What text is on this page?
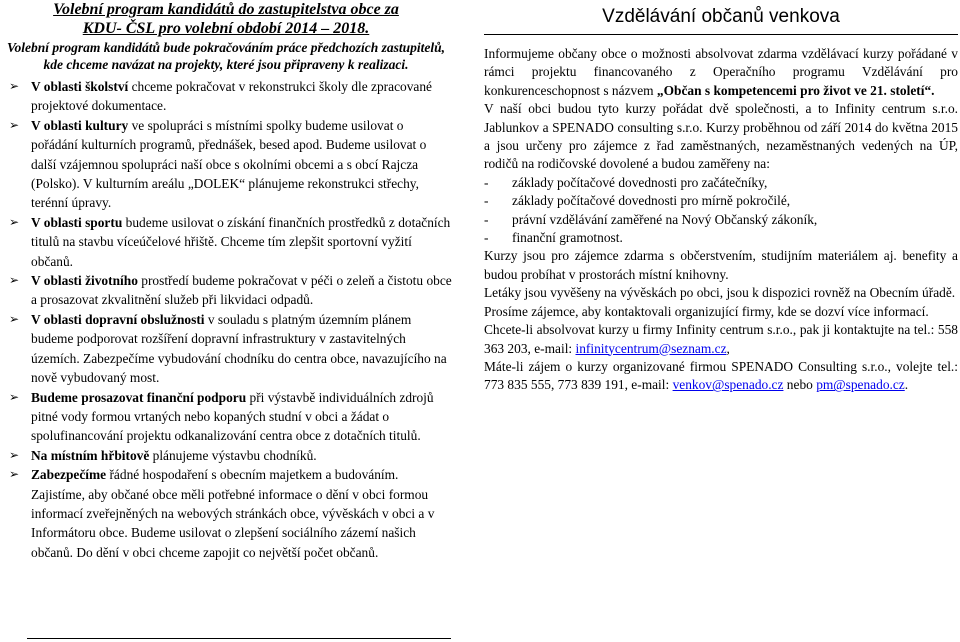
Volební program kandidátů do zastupitelstva obce za
KDU- ČSL pro volební období 2014 – 2018.
Volební program kandidátů bude pokračováním práce předchozích zastupitelů, kde chceme navázat na projekty, které jsou připraveny k realizaci.
➢ V oblasti školství chceme pokračovat v rekonstrukci školy dle zpracované projektové dokumentace.
➢ V oblasti kultury ve spolupráci s místními spolky budeme usilovat o pořádání kulturních programů, přednášek, besed apod. Budeme usilovat o další vzájemnou spolupráci naší obce s okolními obcemi a s obcí Rajcza (Polsko). V kulturním areálu „DOLEK“ plánujeme rekonstrukci střechy, terénní úpravy.
➢ V oblasti sportu budeme usilovat o získání finančních prostředků z dotačních titulů na stavbu víceúčelové hřiště. Chceme tím zlepšit sportovní vyžití občanů.
➢ V oblasti životního prostředí budeme pokračovat v péči o zeleň a čistotu obce a prosazovat zkvalitnění služeb při likvidaci odpadů.
➢ V oblasti dopravní obslužnosti v souladu s platným územním plánem budeme podporovat rozšíření dopravní infrastruktury v zastavitelných územích. Zabezpečíme vybudování chodníku do centra obce, navazujícího na nově vybudovaný most.
➢ Budeme prosazovat finanční podporu při výstavbě individuálních zdrojů pitné vody formou vrtaných nebo kopaných studní v obci a žádat o spolufinancování projektu odkanalizování centra obce z dotačních titulů.
➢ Na místním hřbitově plánujeme výstavbu chodníků.
➢ Zabezpečíme řádné hospodaření s obecním majetkem a budováním. Zajistíme, aby občané obce měli potřebné informace o dění v obci formou informací zveřejněných na webových stránkách obce, vývěskách v obci a v Informátoru obce. Budeme usilovat o zlepšení sociálního zázemí našich občanů. Do dění v obci chceme zapojit co největší počet občanů.
Vzdělávání občanů venkova

Informujeme občany obce o možnosti absolvovat zdarma vzdělávací kurzy pořádané v rámci projektu financovaného z Operačního programu Vzdělávání pro konkurenceschopnost s názvem „Občan s kompetencemi pro život ve 21. století“.

V naší obci budou tyto kurzy pořádat dvě společnosti, a to Infinity centrum s.r.o. Jablunkov a SPENADO consulting s.r.o. Kurzy proběhnou od září 2014 do května 2015 a jsou určeny pro zájemce z řad zaměstnaných, nezaměstnaných vedených na ÚP, rodičů na rodičovské dovolené a budou zaměřeny na:

-	základy počítačové dovednosti pro začátečníky,
-	základy počítačové dovednosti pro mírně pokročilé,
-	právní vzdělávání zaměřené na Nový Občanský zákoník,
-	finanční gramotnost.

Kurzy jsou pro zájemce zdarma s občerstvením, studijním materiálem aj. benefity a budou probíhat v prostorách místní knihovny.

Letáky jsou vyvěšeny na vývěskách po obci, jsou k dispozici rovněž na Obecním úřadě.

Prosíme zájemce, aby kontaktovali organizující firmy, kde se dozví více informací.

Chcete-li absolvovat kurzy u firmy Infinity centrum s.r.o., pak ji kontaktujte na tel.: 558 363 203, e-mail: infinitycentrum@seznam.cz,

Máte-li zájem o kurzy organizované firmou SPENADO Consulting s.r.o., volejte tel.: 773 835 555, 773 839 191, e-mail: venkov@spenado.cz nebo pm@spenado.cz.
